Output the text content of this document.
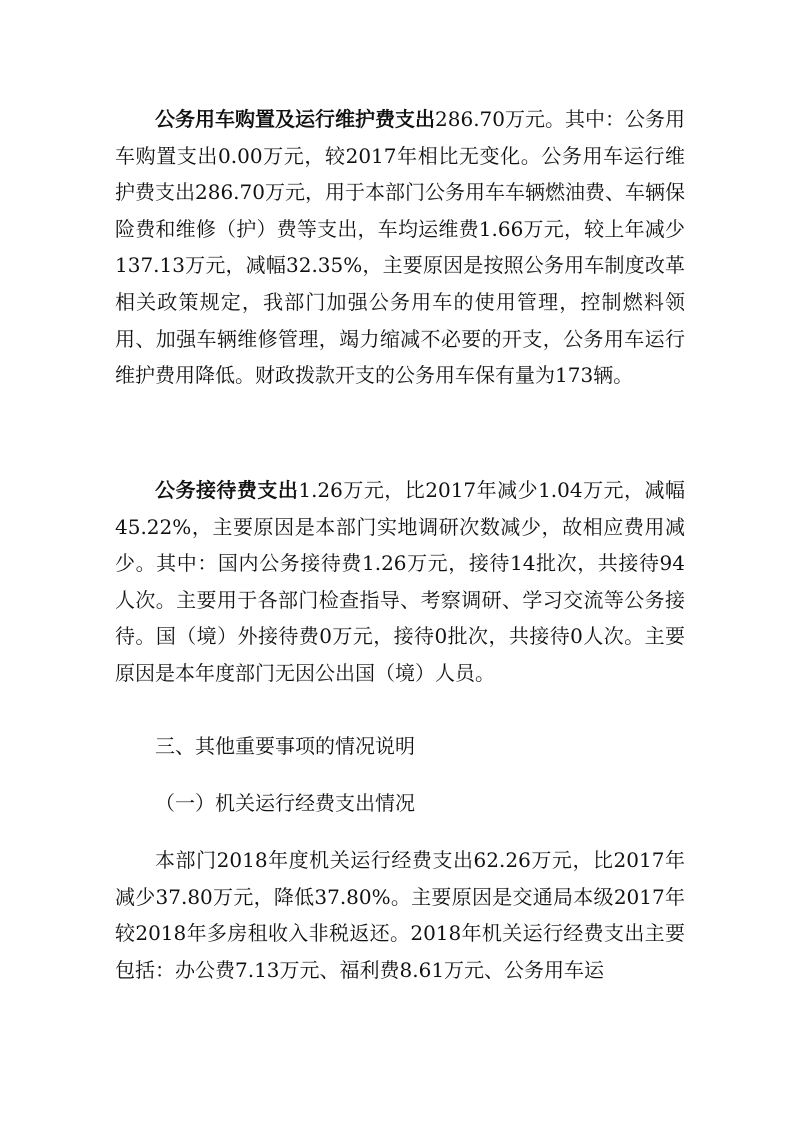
公务用车购置及运行维护费支出286.70万元。其中：公务用车购置支出0.00万元，较2017年相比无变化。公务用车运行维护费支出286.70万元，用于本部门公务用车车辆燃油费、车辆保险费和维修（护）费等支出，车均运维费1.66万元，较上年减少137.13万元，减幅32.35%，主要原因是按照公务用车制度改革相关政策规定，我部门加强公务用车的使用管理，控制燃料领用、加强车辆维修管理，竭力缩减不必要的开支，公务用车运行维护费用降低。财政拨款开支的公务用车保有量为173辆。

公务接待费支出1.26万元，比2017年减少1.04万元，减幅45.22%，主要原因是本部门实地调研次数减少，故相应费用减少。其中：国内公务接待费1.26万元，接待14批次，共接待94人次。主要用于各部门检查指导、考察调研、学习交流等公务接待。国（境）外接待费0万元，接待0批次，共接待0人次。主要原因是本年度部门无因公出国（境）人员。

三、其他重要事项的情况说明

（一）机关运行经费支出情况

本部门2018年度机关运行经费支出62.26万元，比2017年减少37.80万元，降低37.80%。主要原因是交通局本级2017年较2018年多房租收入非税返还。2018年机关运行经费支出主要包括：办公费7.13万元、福利费8.61万元、公务用车运
